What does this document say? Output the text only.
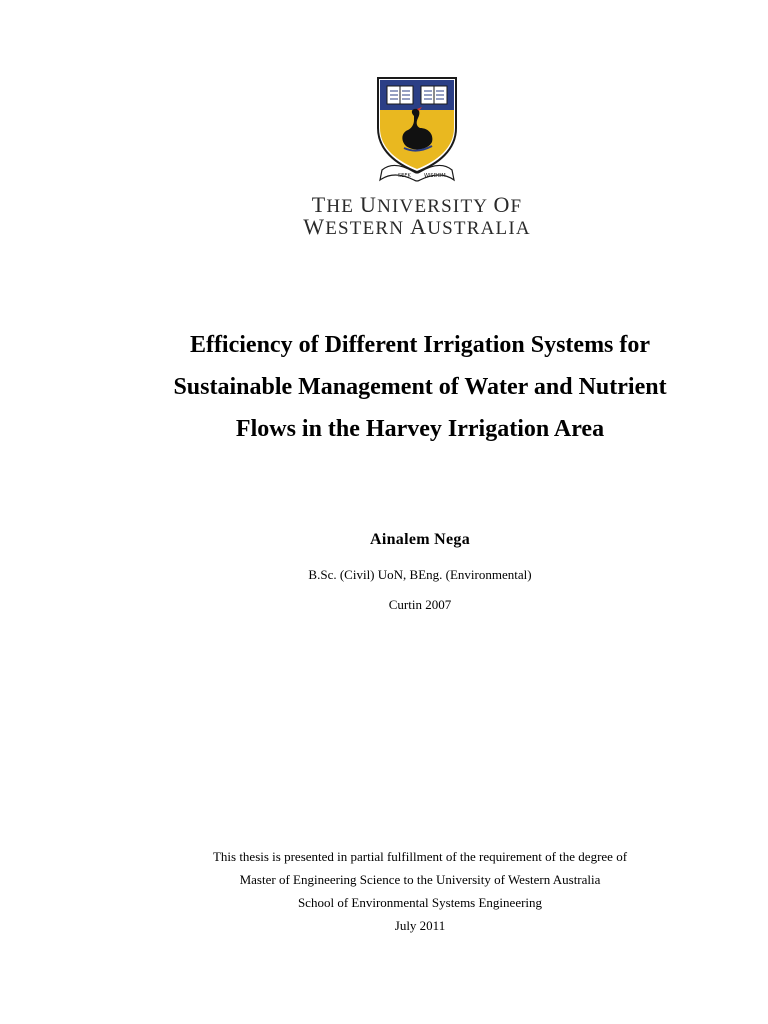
SEEK	WISDOM
THE UNIVERSITY OF
WESTERN AUSTRALIA
Efficiency of Different Irrigation Systems for
Sustainable Management of Water and Nutrient
Flows in the Harvey Irrigation Area
Ainalem Nega
B.Sc. (Civil) UoN, BEng. (Environmental)
Curtin 2007
This thesis is presented in partial fulfillment of the requirement of the degree of
Master of Engineering Science to the University of Western Australia
School of Environmental Systems Engineering
July 2011
